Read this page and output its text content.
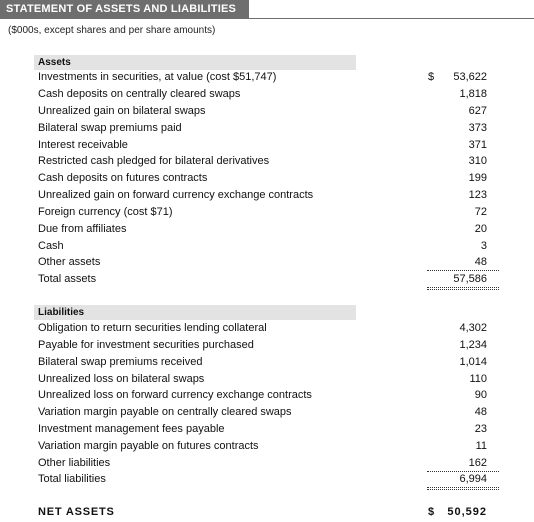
STATEMENT OF ASSETS AND LIABILITIES
($000s, except shares and per share amounts)
Assets
Investments in securities, at value (cost $51,747)	$ 53,622
Cash deposits on centrally cleared swaps	1,818
Unrealized gain on bilateral swaps	627
Bilateral swap premiums paid	373
Interest receivable	371
Restricted cash pledged for bilateral derivatives	310
Cash deposits on futures contracts	199
Unrealized gain on forward currency exchange contracts	123
Foreign currency (cost $71)	72
Due from affiliates	20
Cash	3
Other assets	48
Total assets	57,586
Liabilities
Obligation to return securities lending collateral	4,302
Payable for investment securities purchased	1,234
Bilateral swap premiums received	1,014
Unrealized loss on bilateral swaps	110
Unrealized loss on forward currency exchange contracts	90
Variation margin payable on centrally cleared swaps	48
Investment management fees payable	23
Variation margin payable on futures contracts	11
Other liabilities	162
Total liabilities	6,994
NET ASSETS	$ 50,592
